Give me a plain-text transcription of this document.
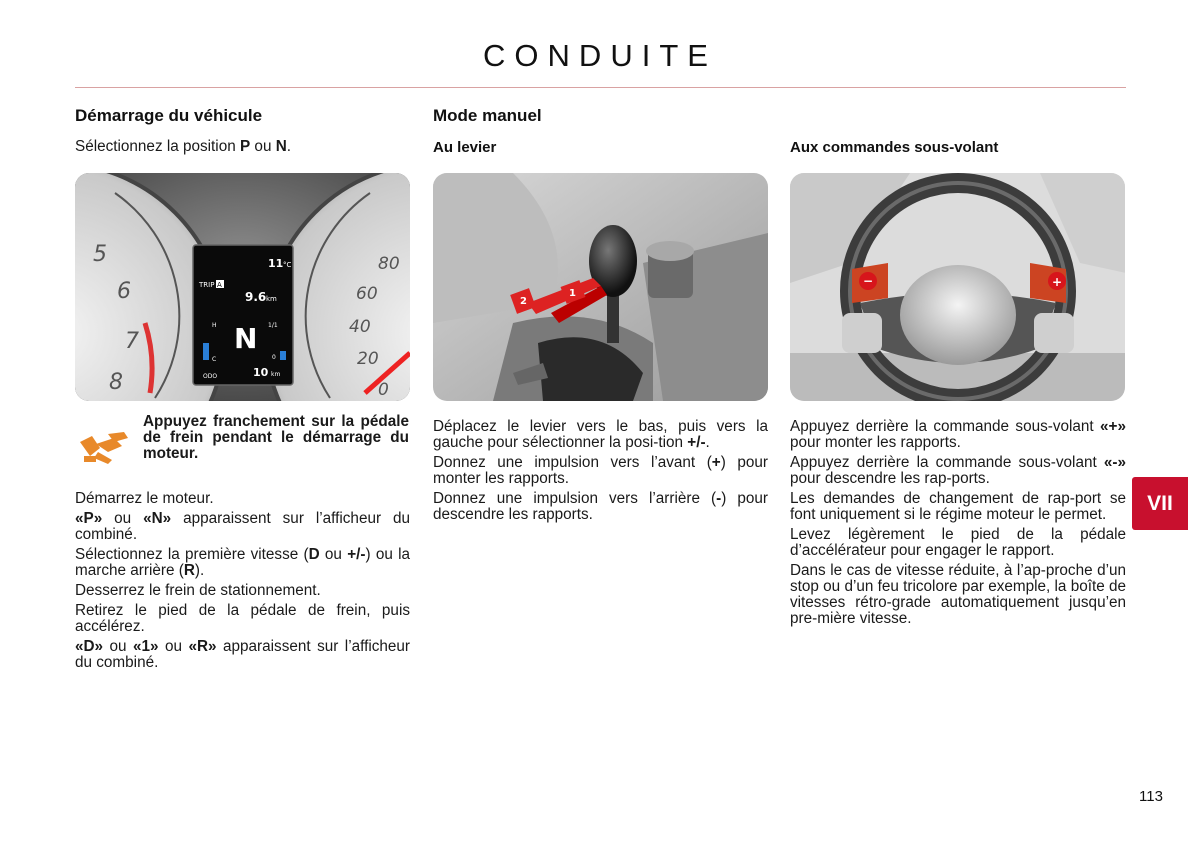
CONDUITE
Démarrage du véhicule
Sélectionnez la position P ou N.
5
6
7
8
80
60
40
20
0
11 °C
TRIP A
9.6 km
N
H
C
1/1
0
ODO	10 km

Appuyez franchement sur la pédale de frein pendant le démarrage du moteur.

Démarrez le moteur.

«P» ou «N» apparaissent sur l’afficheur du combiné.

Sélectionnez la première vitesse (D ou +/-) ou la marche arrière (R).

Desserrez le frein de stationnement.

Retirez le pied de la pédale de frein, puis accélérez.

«D» ou «1» ou «R» apparaissent sur l’afficheur du combiné.

Mode manuel
Au levier
2
1

Déplacez le levier vers le bas, puis vers la gauche pour sélectionner la posi-tion +/-.

Donnez une impulsion vers l’avant (+) pour monter les rapports.

Donnez une impulsion vers l’arrière (-) pour descendre les rapports.

Aux commandes sous-volant
−	+

Appuyez derrière la commande sous-volant «+» pour monter les rapports.

Appuyez derrière la commande sous-volant «-» pour descendre les rap-ports.

Les demandes de changement de rap-port se font uniquement si le régime moteur le permet.

Levez légèrement le pied de la pédale d’accélérateur pour engager le rapport.

Dans le cas de vitesse réduite, à l’ap-proche d’un stop ou d’un feu tricolore par exemple, la boîte de vitesses rétro-grade automatiquement jusqu’en pre-mière vitesse.

VII
113
